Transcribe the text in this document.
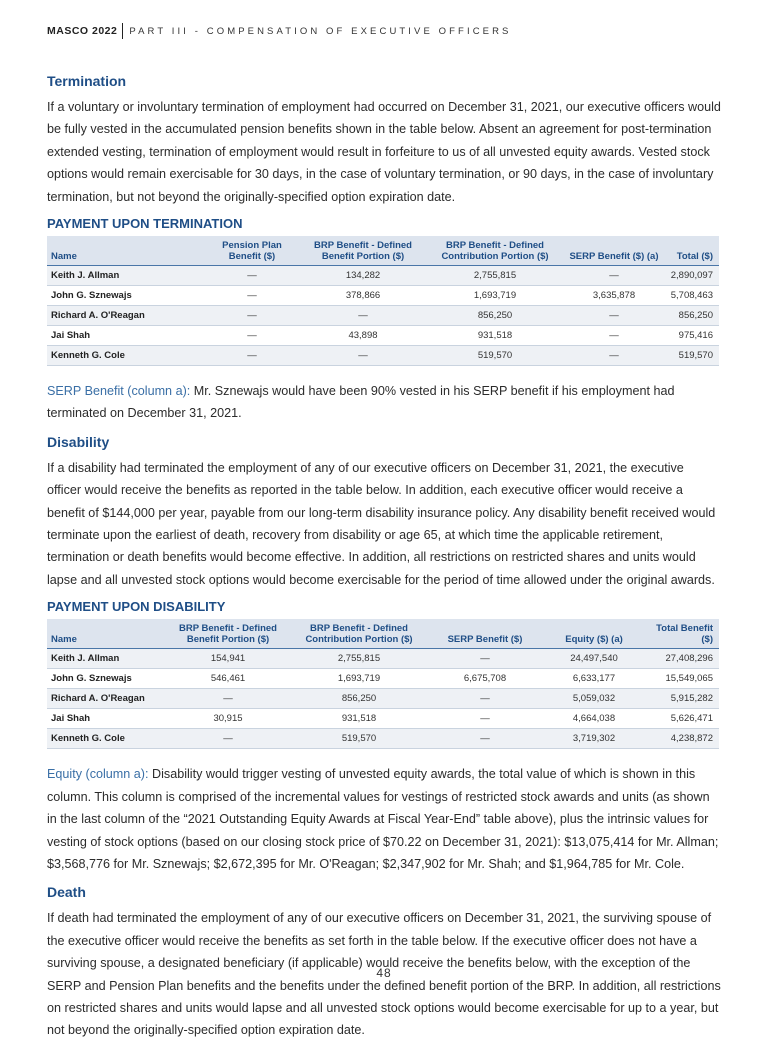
MASCO 2022 PART III - COMPENSATION OF EXECUTIVE OFFICERS
Termination

If a voluntary or involuntary termination of employment had occurred on December 31, 2021, our executive officers would be fully vested in the accumulated pension benefits shown in the table below. Absent an agreement for post-termination extended vesting, termination of employment would result in forfeiture to us of all unvested equity awards. Vested stock options would remain exercisable for 30 days, in the case of voluntary termination, or 90 days, in the case of involuntary termination, but not beyond the originally-specified option expiration date.

PAYMENT UPON TERMINATION
Name	Pension Plan Benefit ($)	BRP Benefit - Defined Benefit Portion ($)	BRP Benefit - Defined Contribution Portion ($)	SERP Benefit ($) (a)	Total ($)
Keith J. Allman	—	134,282	2,755,815	—	2,890,097
John G. Sznewajs	—	378,866	1,693,719	3,635,878	5,708,463
Richard A. O'Reagan	—	—	856,250	—	856,250
Jai Shah	—	43,898	931,518	—	975,416
Kenneth G. Cole	—	—	519,570	—	519,570

SERP Benefit (column a): Mr. Sznewajs would have been 90% vested in his SERP benefit if his employment had terminated on December 31, 2021.

Disability

If a disability had terminated the employment of any of our executive officers on December 31, 2021, the executive officer would receive the benefits as reported in the table below. In addition, each executive officer would receive a benefit of $144,000 per year, payable from our long-term disability insurance policy. Any disability benefit received would terminate upon the earliest of death, recovery from disability or age 65, at which time the applicable retirement, termination or death benefits would become effective. In addition, all restrictions on restricted shares and units would lapse and all unvested stock options would become exercisable for the period of time allowed under the original awards.

PAYMENT UPON DISABILITY
Name	BRP Benefit - Defined Benefit Portion ($)	BRP Benefit - Defined Contribution Portion ($)	SERP Benefit ($)	Equity ($) (a)	Total Benefit ($)
Keith J. Allman	154,941	2,755,815	—	24,497,540	27,408,296
John G. Sznewajs	546,461	1,693,719	6,675,708	6,633,177	15,549,065
Richard A. O'Reagan	—	856,250	—	5,059,032	5,915,282
Jai Shah	30,915	931,518	—	4,664,038	5,626,471
Kenneth G. Cole	—	519,570	—	3,719,302	4,238,872

Equity (column a): Disability would trigger vesting of unvested equity awards, the total value of which is shown in this column. This column is comprised of the incremental values for vestings of restricted stock awards and units (as shown in the last column of the “2021 Outstanding Equity Awards at Fiscal Year-End” table above), plus the intrinsic values for vesting of stock options (based on our closing stock price of $70.22 on December 31, 2021): $13,075,414 for Mr. Allman; $3,568,776 for Mr. Sznewajs; $2,672,395 for Mr. O'Reagan; $2,347,902 for Mr. Shah; and $1,964,785 for Mr. Cole.

Death

If death had terminated the employment of any of our executive officers on December 31, 2021, the surviving spouse of the executive officer would receive the benefits as set forth in the table below. If the executive officer does not have a surviving spouse, a designated beneficiary (if applicable) would receive the benefits below, with the exception of the SERP and Pension Plan benefits and the benefits under the defined benefit portion of the BRP. In addition, all restrictions on restricted shares and units would lapse and all unvested stock options would become exercisable for up to a year, but not beyond the originally-specified option expiration date.

48
